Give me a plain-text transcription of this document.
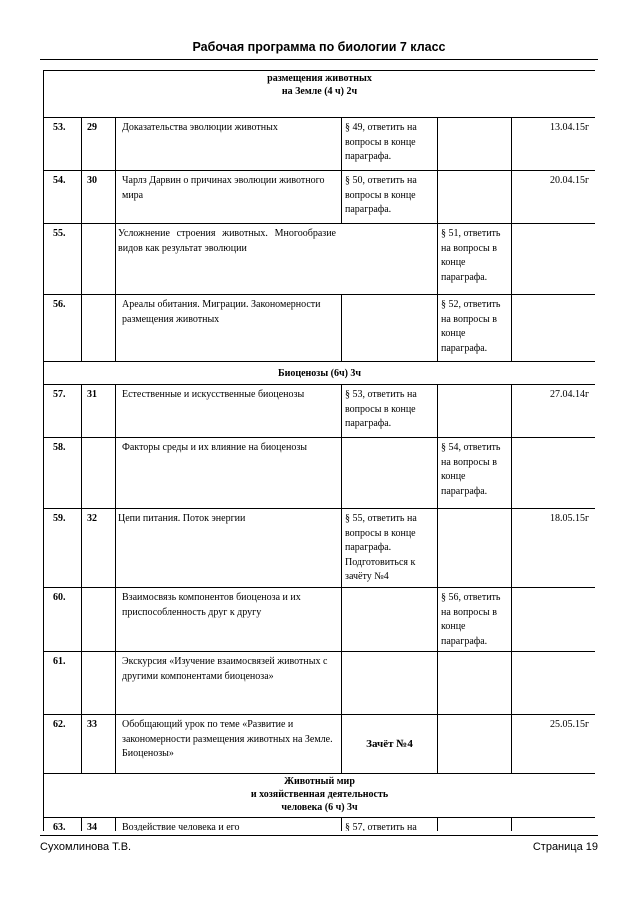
Рабочая программа по биологии 7 класс
размещения животных
на Земле (4 ч) 2ч					

53.	29	Доказательства эволюции животных	§ 49, ответить на вопросы в конце параграфа.		13.04.15г
54.	30	Чарлз Дарвин о причинах эволюции животного мира	§ 50, ответить на вопросы в конце параграфа.		20.04.15г
55.		Усложнение строения животных. Многообразие видов как результат эволюции		§ 51, ответить на вопросы в конце параграфа.	
56.		Ареалы обитания. Миграции. Закономерности размещения животных		§ 52, ответить на вопросы в конце параграфа.	

Биоценозы (6ч) 3ч					

57.	31	Естественные и искусственные биоценозы	§ 53, ответить на вопросы в конце параграфа.		27.04.14г
58.		Факторы среды и их влияние на биоценозы		§ 54, ответить на вопросы в конце параграфа.	
59.	32	Цепи питания. Поток энергии	§ 55, ответить на вопросы в конце параграфа. Подготовиться к зачёту №4		18.05.15г
60.		Взаимосвязь компонентов биоценоза и их приспособленность друг к другу		§ 56, ответить на вопросы в конце параграфа.	
61.		Экскурсия «Изучение взаимосвязей животных с другими компонентами биоценоза»			
62.	33	Обобщающий урок по теме «Развитие и закономерности размещения животных на Земле. Биоценозы»	Зачёт №4		25.05.15г

Животный мир
и хозяйственная деятельность
человека (6 ч) 3ч					

63.	34	Воздействие человека и его	§ 57, ответить на		
Сухомлинова Т.В.	Страница 19
